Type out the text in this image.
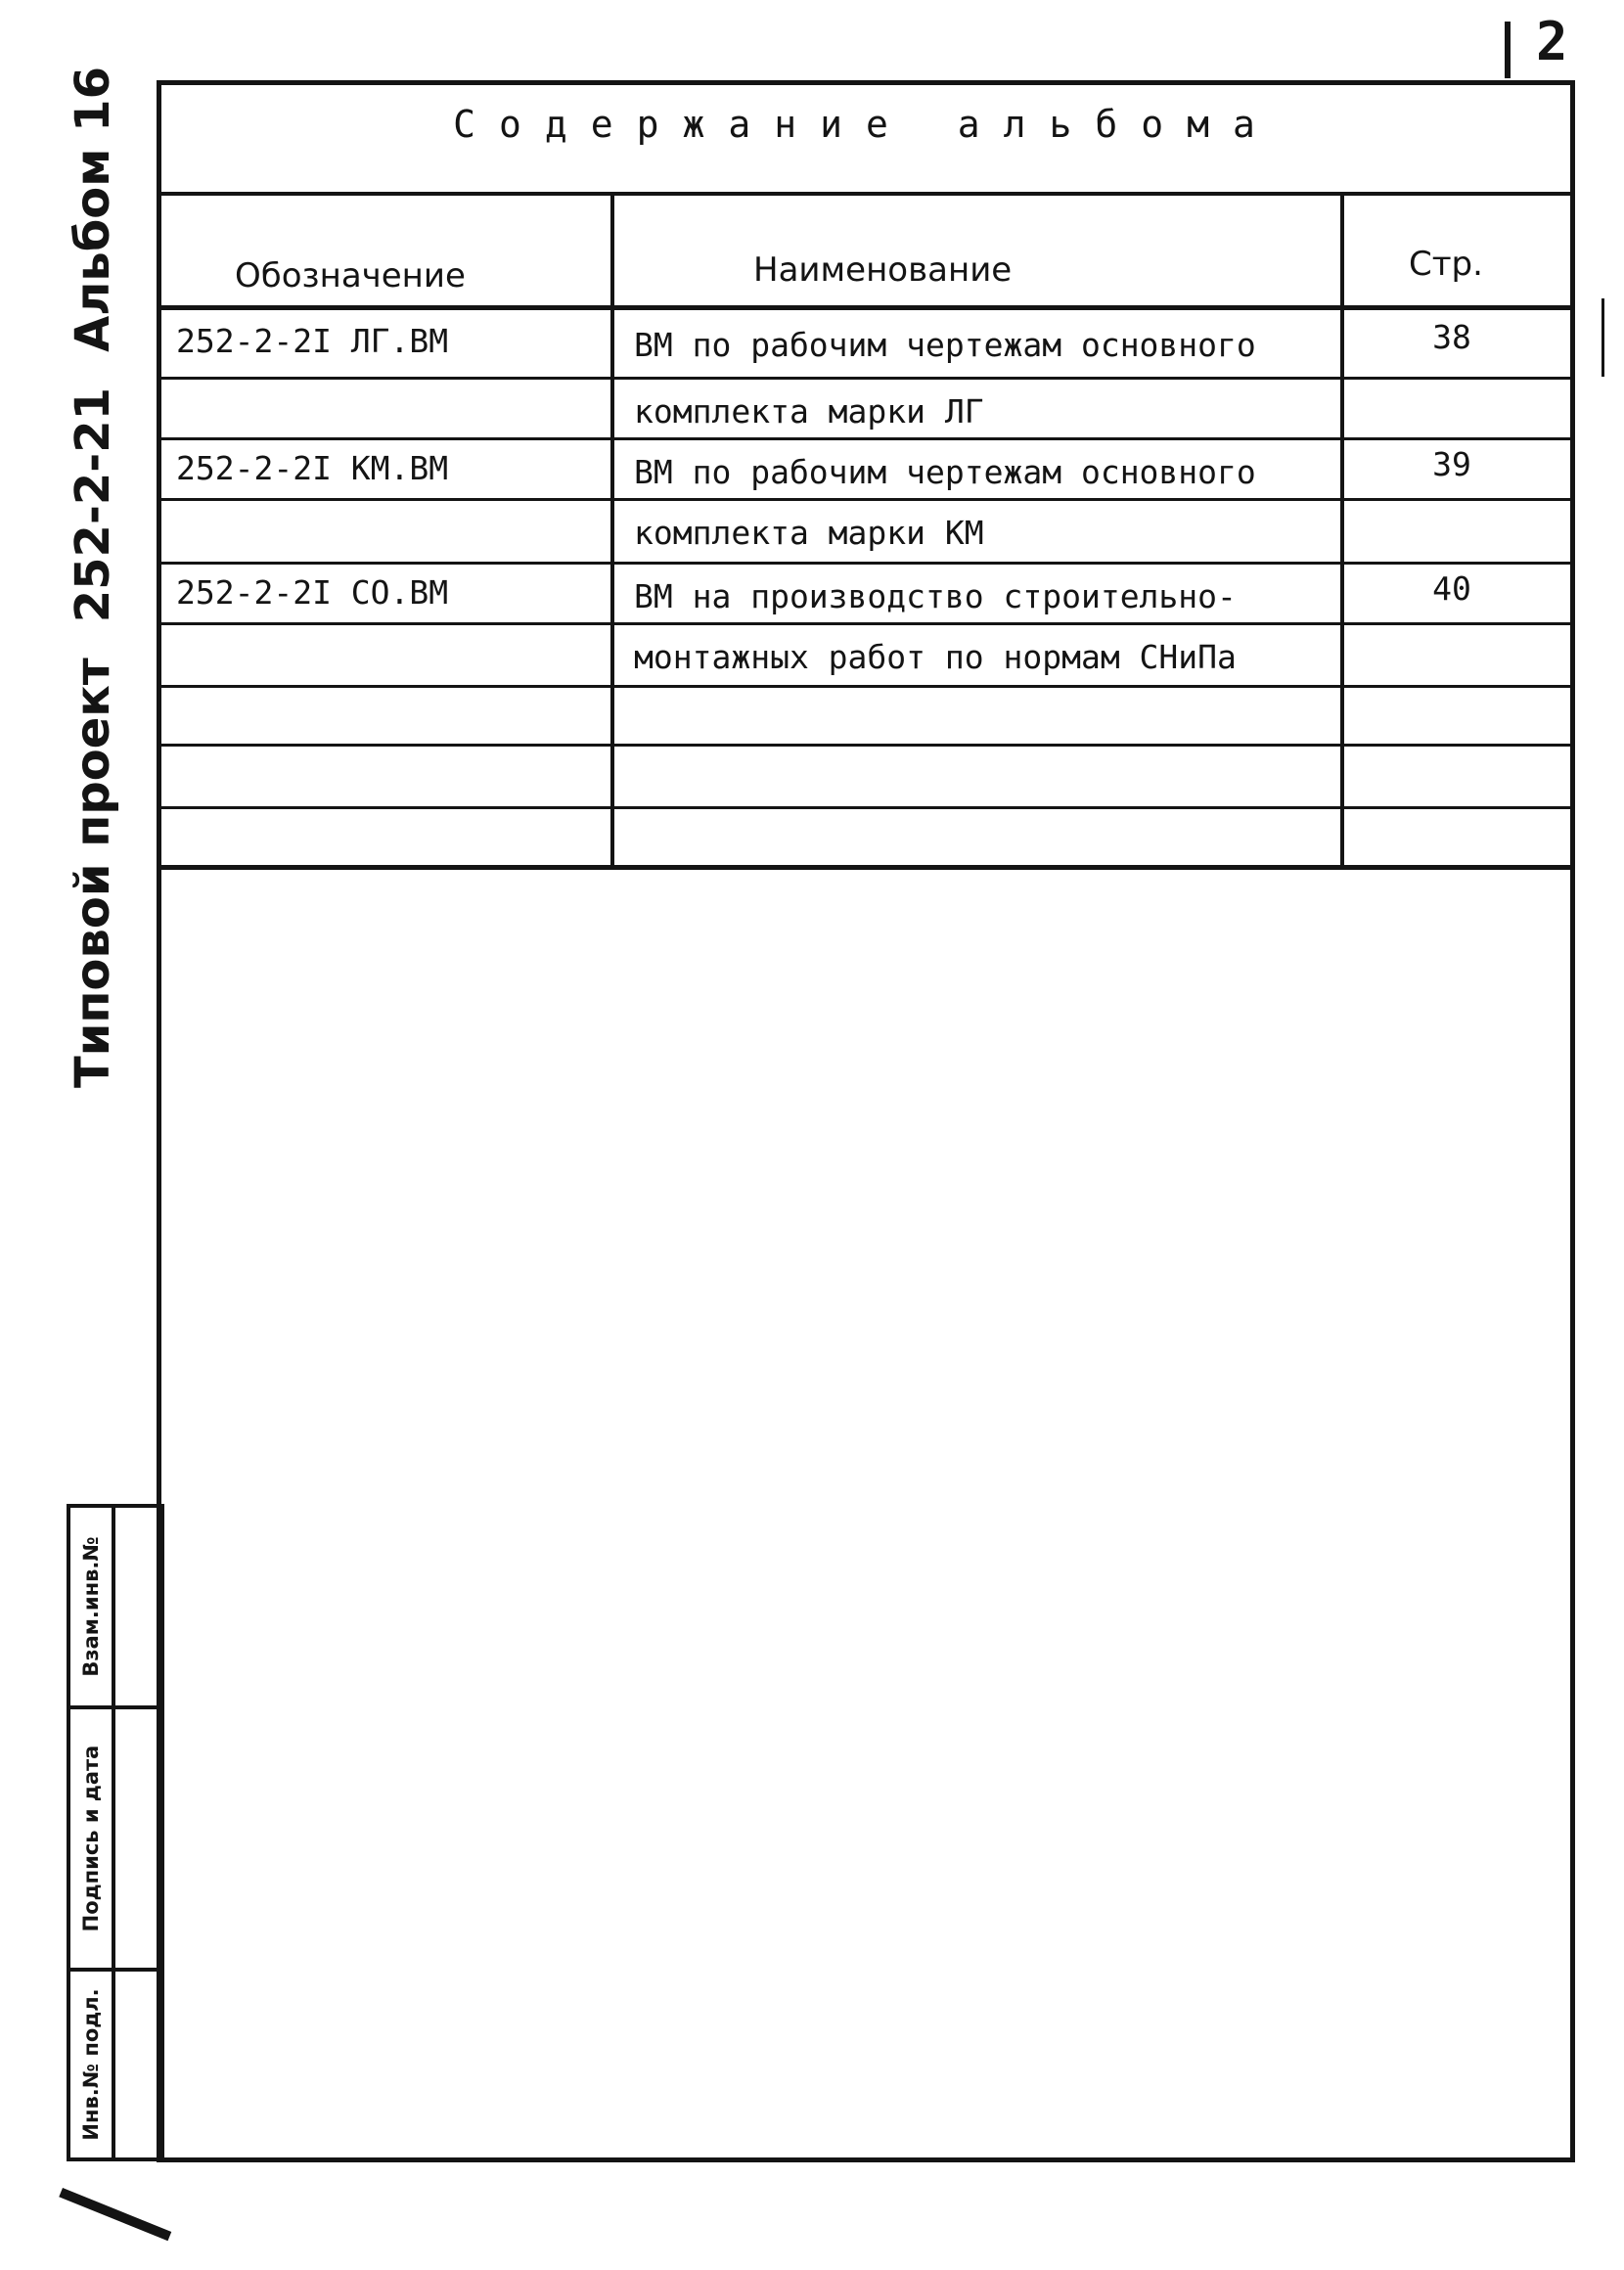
2
Типовой проект
252-2-21
Альбом 16	Содержание альбома
Обозначение	Наименование	Стр.
252-2-2I ЛГ.ВМ	ВМ по рабочим чертежам основного	38
комплекта марки ЛГ
252-2-2I КМ.ВМ	ВМ по рабочим чертежам основного	39
комплекта марки КМ
252-2-2I СО.ВМ	ВМ на производство строительно-	40
монтажных работ по нормам СНиПа
Взам.инв.№
Подпись и дата
Инв.№ подл.
